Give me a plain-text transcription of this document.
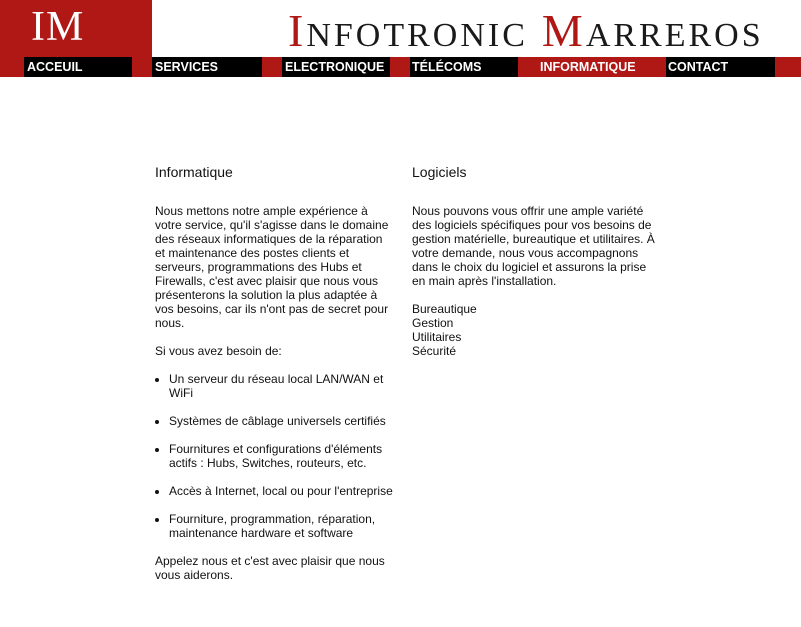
IM	INFOTRONIC MARREROS
ACCEUIL	SERVICES	ELECTRONIQUE TÉLÉCOMS	INFORMATIQUE	CONTACT
Informatique

Nous mettons notre ample expérience à votre service, qu'il s'agisse dans le domaine des réseaux informatiques de la réparation et maintenance des postes clients et serveurs, programmations des Hubs et Firewalls, c'est avec plaisir que nous vous présenterons la solution la plus adaptée à vos besoins, car ils n'ont pas de secret pour nous.

Si vous avez besoin de:

• Un serveur du réseau local LAN/WAN et WiFi
• Systèmes de câblage universels certifiés
• Fournitures et configurations d'éléments actifs : Hubs, Switches, routeurs, etc.
• Accès à Internet, local ou pour l'entreprise
• Fourniture, programmation, réparation, maintenance hardware et software

Appelez nous et c'est avec plaisir que nous vous aiderons.

Logiciels

Nous pouvons vous offrir une ample variété des logiciels spécifiques pour vos besoins de gestion matérielle, bureautique et utilitaires. À votre demande, nous vous accompagnons dans le choix du logiciel et assurons la prise en main après l'installation.

Bureautique
Gestion
Utilitaires
Sécurité
